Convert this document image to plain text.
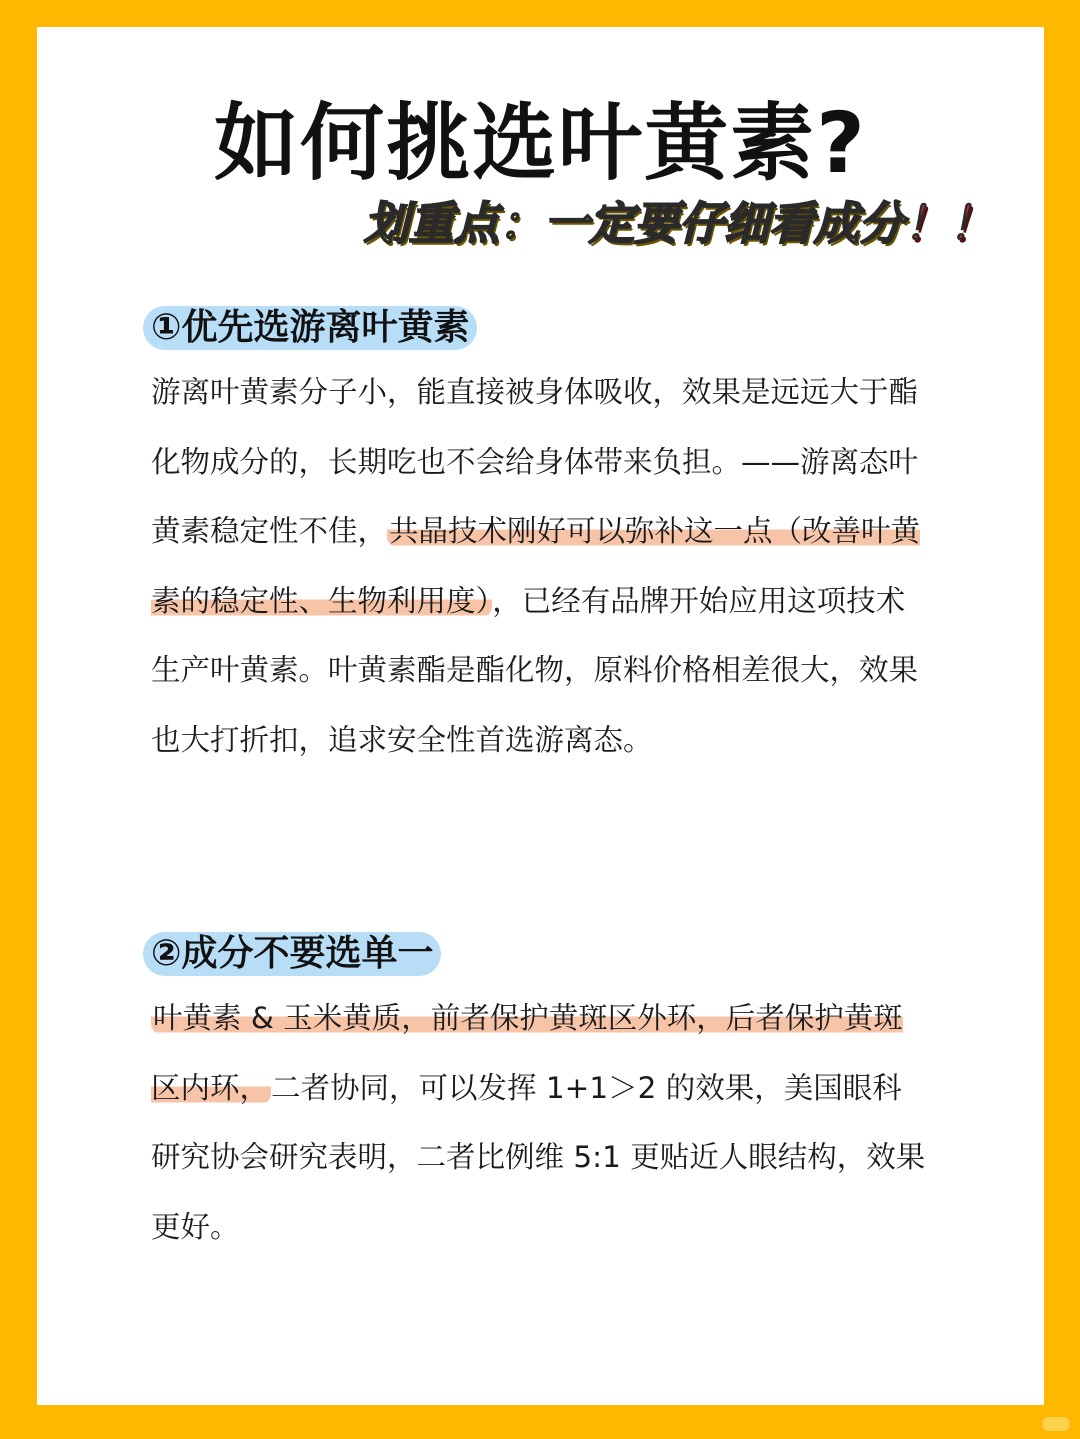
如何挑选叶黄素?
划重点：一定要仔细看成分！！
①优先选游离叶黄素

游离叶黄素分子小，能直接被身体吸收，效果是远远大于酯化物成分的，长期吃也不会给身体带来负担。——游离态叶黄素稳定性不佳，共晶技术刚好可以弥补这一点（改善叶黄素的稳定性、生物利用度），已经有品牌开始应用这项技术生产叶黄素。叶黄素酯是酯化物，原料价格相差很大，效果也大打折扣，追求安全性首选游离态。

②成分不要选单一

叶黄素 & 玉米黄质，前者保护黄斑区外环，后者保护黄斑区内环，二者协同，可以发挥 1+1＞2 的效果，美国眼科研究协会研究表明，二者比例维 5:1 更贴近人眼结构，效果更好。
